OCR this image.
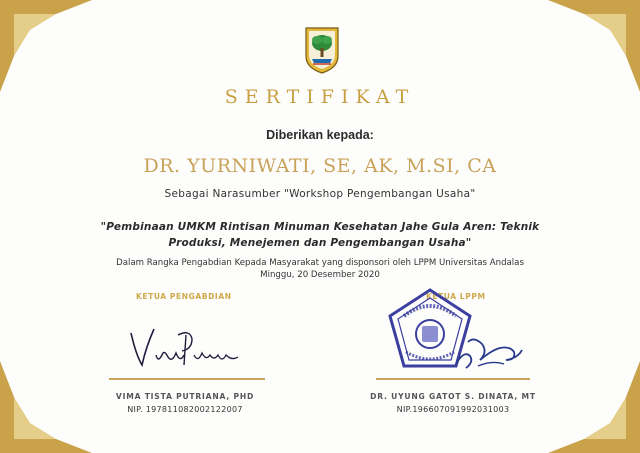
SERTIFIKAT
Diberikan kepada:
DR. YURNIWATI, SE, AK, M.SI, CA
Sebagai Narasumber "Workshop Pengembangan Usaha"
"Pembinaan UMKM Rintisan Minuman Kesehatan Jahe Gula Aren: Teknik
Produksi, Menejemen dan Pengembangan Usaha"
Dalam Rangka Pengabdian Kepada Masyarakat yang disponsori oleh LPPM Universitas Andalas
Minggu, 20 Desember 2020
KETUA PENGABDIAN
VIMA TISTA PUTRIANA, PHD
NIP. 197811082002122007
KETUA LPPM
DR. UYUNG GATOT S. DINATA, MT
NIP.196607091992031003
